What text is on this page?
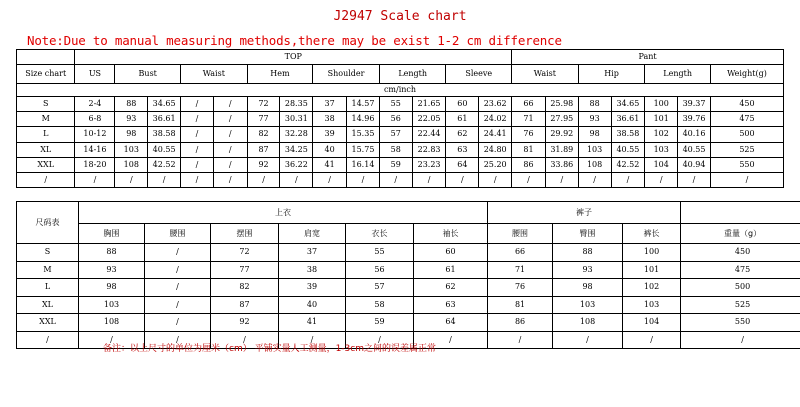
J2947 Scale chart
Note:Due to manual measuring methods,there may be exist 1-2 cm difference
	TOP													Pant						
Size chart	US	Bust		Waist		Hem		Shoulder		Length		Sleeve		Waist		Hip		Length		Weight(g)
cm/inch																				
S	2-4	88	34.65	/	/	72	28.35	37	14.57	55	21.65	60	23.62	66	25.98	88	34.65	100	39.37	450
M	6-8	93	36.61	/	/	77	30.31	38	14.96	56	22.05	61	24.02	71	27.95	93	36.61	101	39.76	475
L	10-12	98	38.58	/	/	82	32.28	39	15.35	57	22.44	62	24.41	76	29.92	98	38.58	102	40.16	500
XL	14-16	103	40.55	/	/	87	34.25	40	15.75	58	22.83	63	24.80	81	31.89	103	40.55	103	40.55	525
XXL	18-20	108	42.52	/	/	92	36.22	41	16.14	59	23.23	64	25.20	86	33.86	108	42.52	104	40.94	550
/	/	/	/	/	/	/	/	/	/	/	/	/	/	/	/	/	/	/	/	/
尺码表	上衣						裤子			
	胸围	腰围	摆围	肩宽	衣长	袖长	腰围	臀围	裤长	重量（g）
S	88	/	72	37	55	60	66	88	100	450
M	93	/	77	38	56	61	71	93	101	475
L	98	/	82	39	57	62	76	98	102	500
XL	103	/	87	40	58	63	81	103	103	525
XXL	108	/	92	41	59	64	86	108	104	550
/	/	/	/	/	/	/	/	/	/	/
备注：以上尺寸的单位为厘米（cm） 平铺实量人工测量，1-3cm之间的误差属正常
